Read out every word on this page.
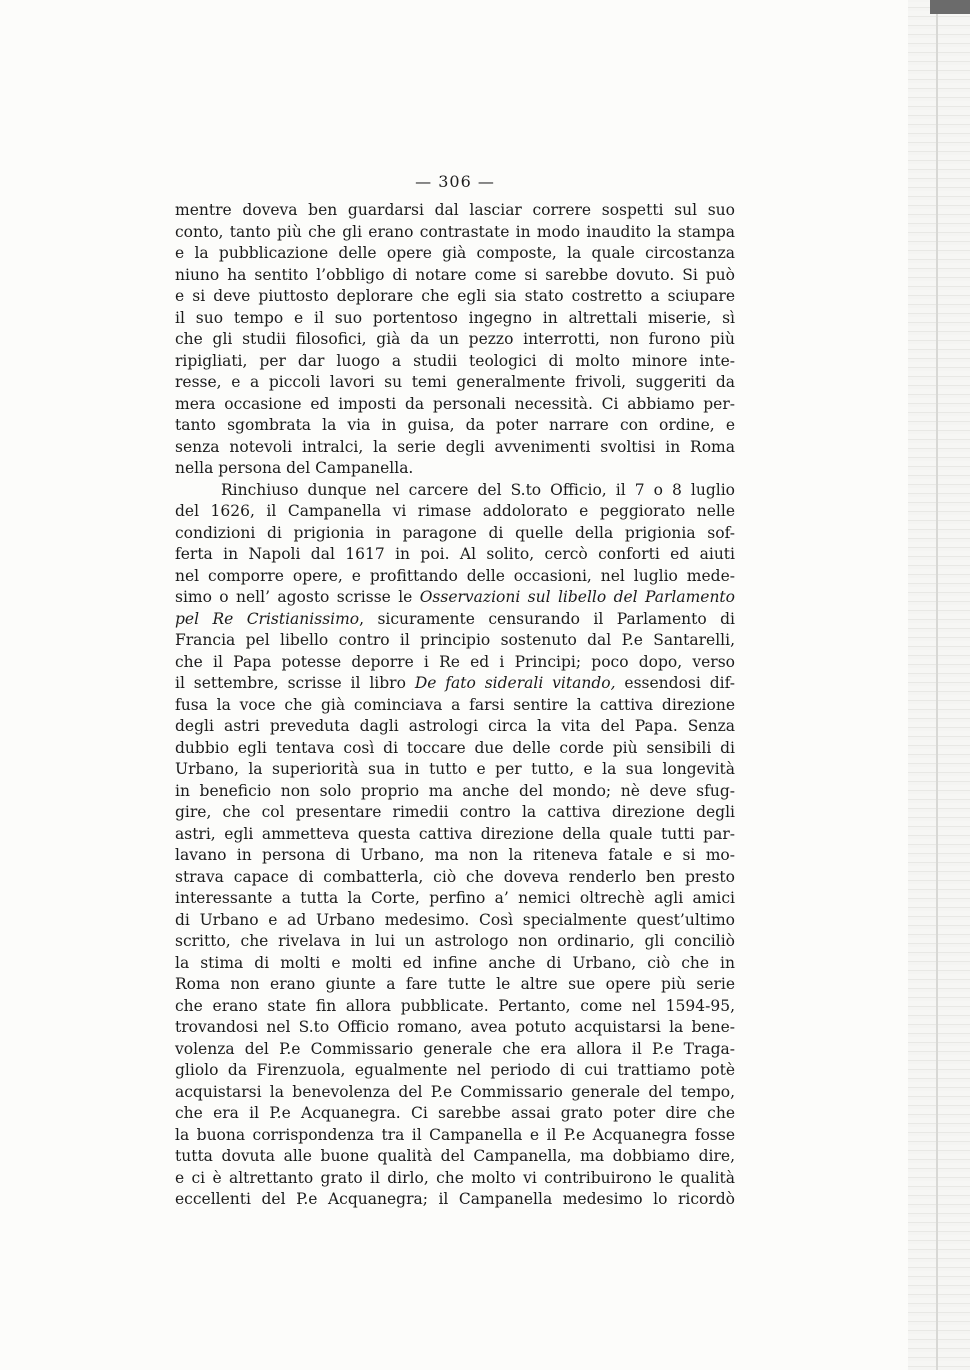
— 306 —
mentre doveva ben guardarsi dal lasciar correre sospetti sul suo
conto, tanto più che gli erano contrastate in modo inaudito la stampa
e la pubblicazione delle opere già composte, la quale circostanza
niuno ha sentito l’obbligo di notare come si sarebbe dovuto. Si può
e si deve piuttosto deplorare che egli sia stato costretto a sciupare
il suo tempo e il suo portentoso ingegno in altrettali miserie, sì
che gli studii filosofici, già da un pezzo interrotti, non furono più
ripigliati, per dar luogo a studii teologici di molto minore inte-
resse, e a piccoli lavori su temi generalmente frivoli, suggeriti da
mera occasione ed imposti da personali necessità. Ci abbiamo per-
tanto sgombrata la via in guisa, da poter narrare con ordine, e
senza notevoli intralci, la serie degli avvenimenti svoltisi in Roma
nella persona del Campanella.
Rinchiuso dunque nel carcere del S.to Officio, il 7 o 8 luglio
del 1626, il Campanella vi rimase addolorato e peggiorato nelle
condizioni di prigionia in paragone di quelle della prigionia sof-
ferta in Napoli dal 1617 in poi. Al solito, cercò conforti ed aiuti
nel comporre opere, e profittando delle occasioni, nel luglio mede-
simo o nell’ agosto scrisse le Osservazioni sul libello del Parlamento
pel Re Cristianissimo, sicuramente censurando il Parlamento di
Francia pel libello contro il principio sostenuto dal P.e Santarelli,
che il Papa potesse deporre i Re ed i Principi; poco dopo, verso
il settembre, scrisse il libro De fato siderali vitando, essendosi dif-
fusa la voce che già cominciava a farsi sentire la cattiva direzione
degli astri preveduta dagli astrologi circa la vita del Papa. Senza
dubbio egli tentava così di toccare due delle corde più sensibili di
Urbano, la superiorità sua in tutto e per tutto, e la sua longevità
in beneficio non solo proprio ma anche del mondo; nè deve sfug-
gire, che col presentare rimedii contro la cattiva direzione degli
astri, egli ammetteva questa cattiva direzione della quale tutti par-
lavano in persona di Urbano, ma non la riteneva fatale e si mo-
strava capace di combatterla, ciò che doveva renderlo ben presto
interessante a tutta la Corte, perfino a’ nemici oltrechè agli amici
di Urbano e ad Urbano medesimo. Così specialmente quest’ultimo
scritto, che rivelava in lui un astrologo non ordinario, gli conciliò
la stima di molti e molti ed infine anche di Urbano, ciò che in
Roma non erano giunte a fare tutte le altre sue opere più serie
che erano state fin allora pubblicate. Pertanto, come nel 1594-95,
trovandosi nel S.to Officio romano, avea potuto acquistarsi la bene-
volenza del P.e Commissario generale che era allora il P.e Traga-
gliolo da Firenzuola, egualmente nel periodo di cui trattiamo potè
acquistarsi la benevolenza del P.e Commissario generale del tempo,
che era il P.e Acquanegra. Ci sarebbe assai grato poter dire che
la buona corrispondenza tra il Campanella e il P.e Acquanegra fosse
tutta dovuta alle buone qualità del Campanella, ma dobbiamo dire,
e ci è altrettanto grato il dirlo, che molto vi contribuirono le qualità
eccellenti del P.e Acquanegra; il Campanella medesimo lo ricordò
